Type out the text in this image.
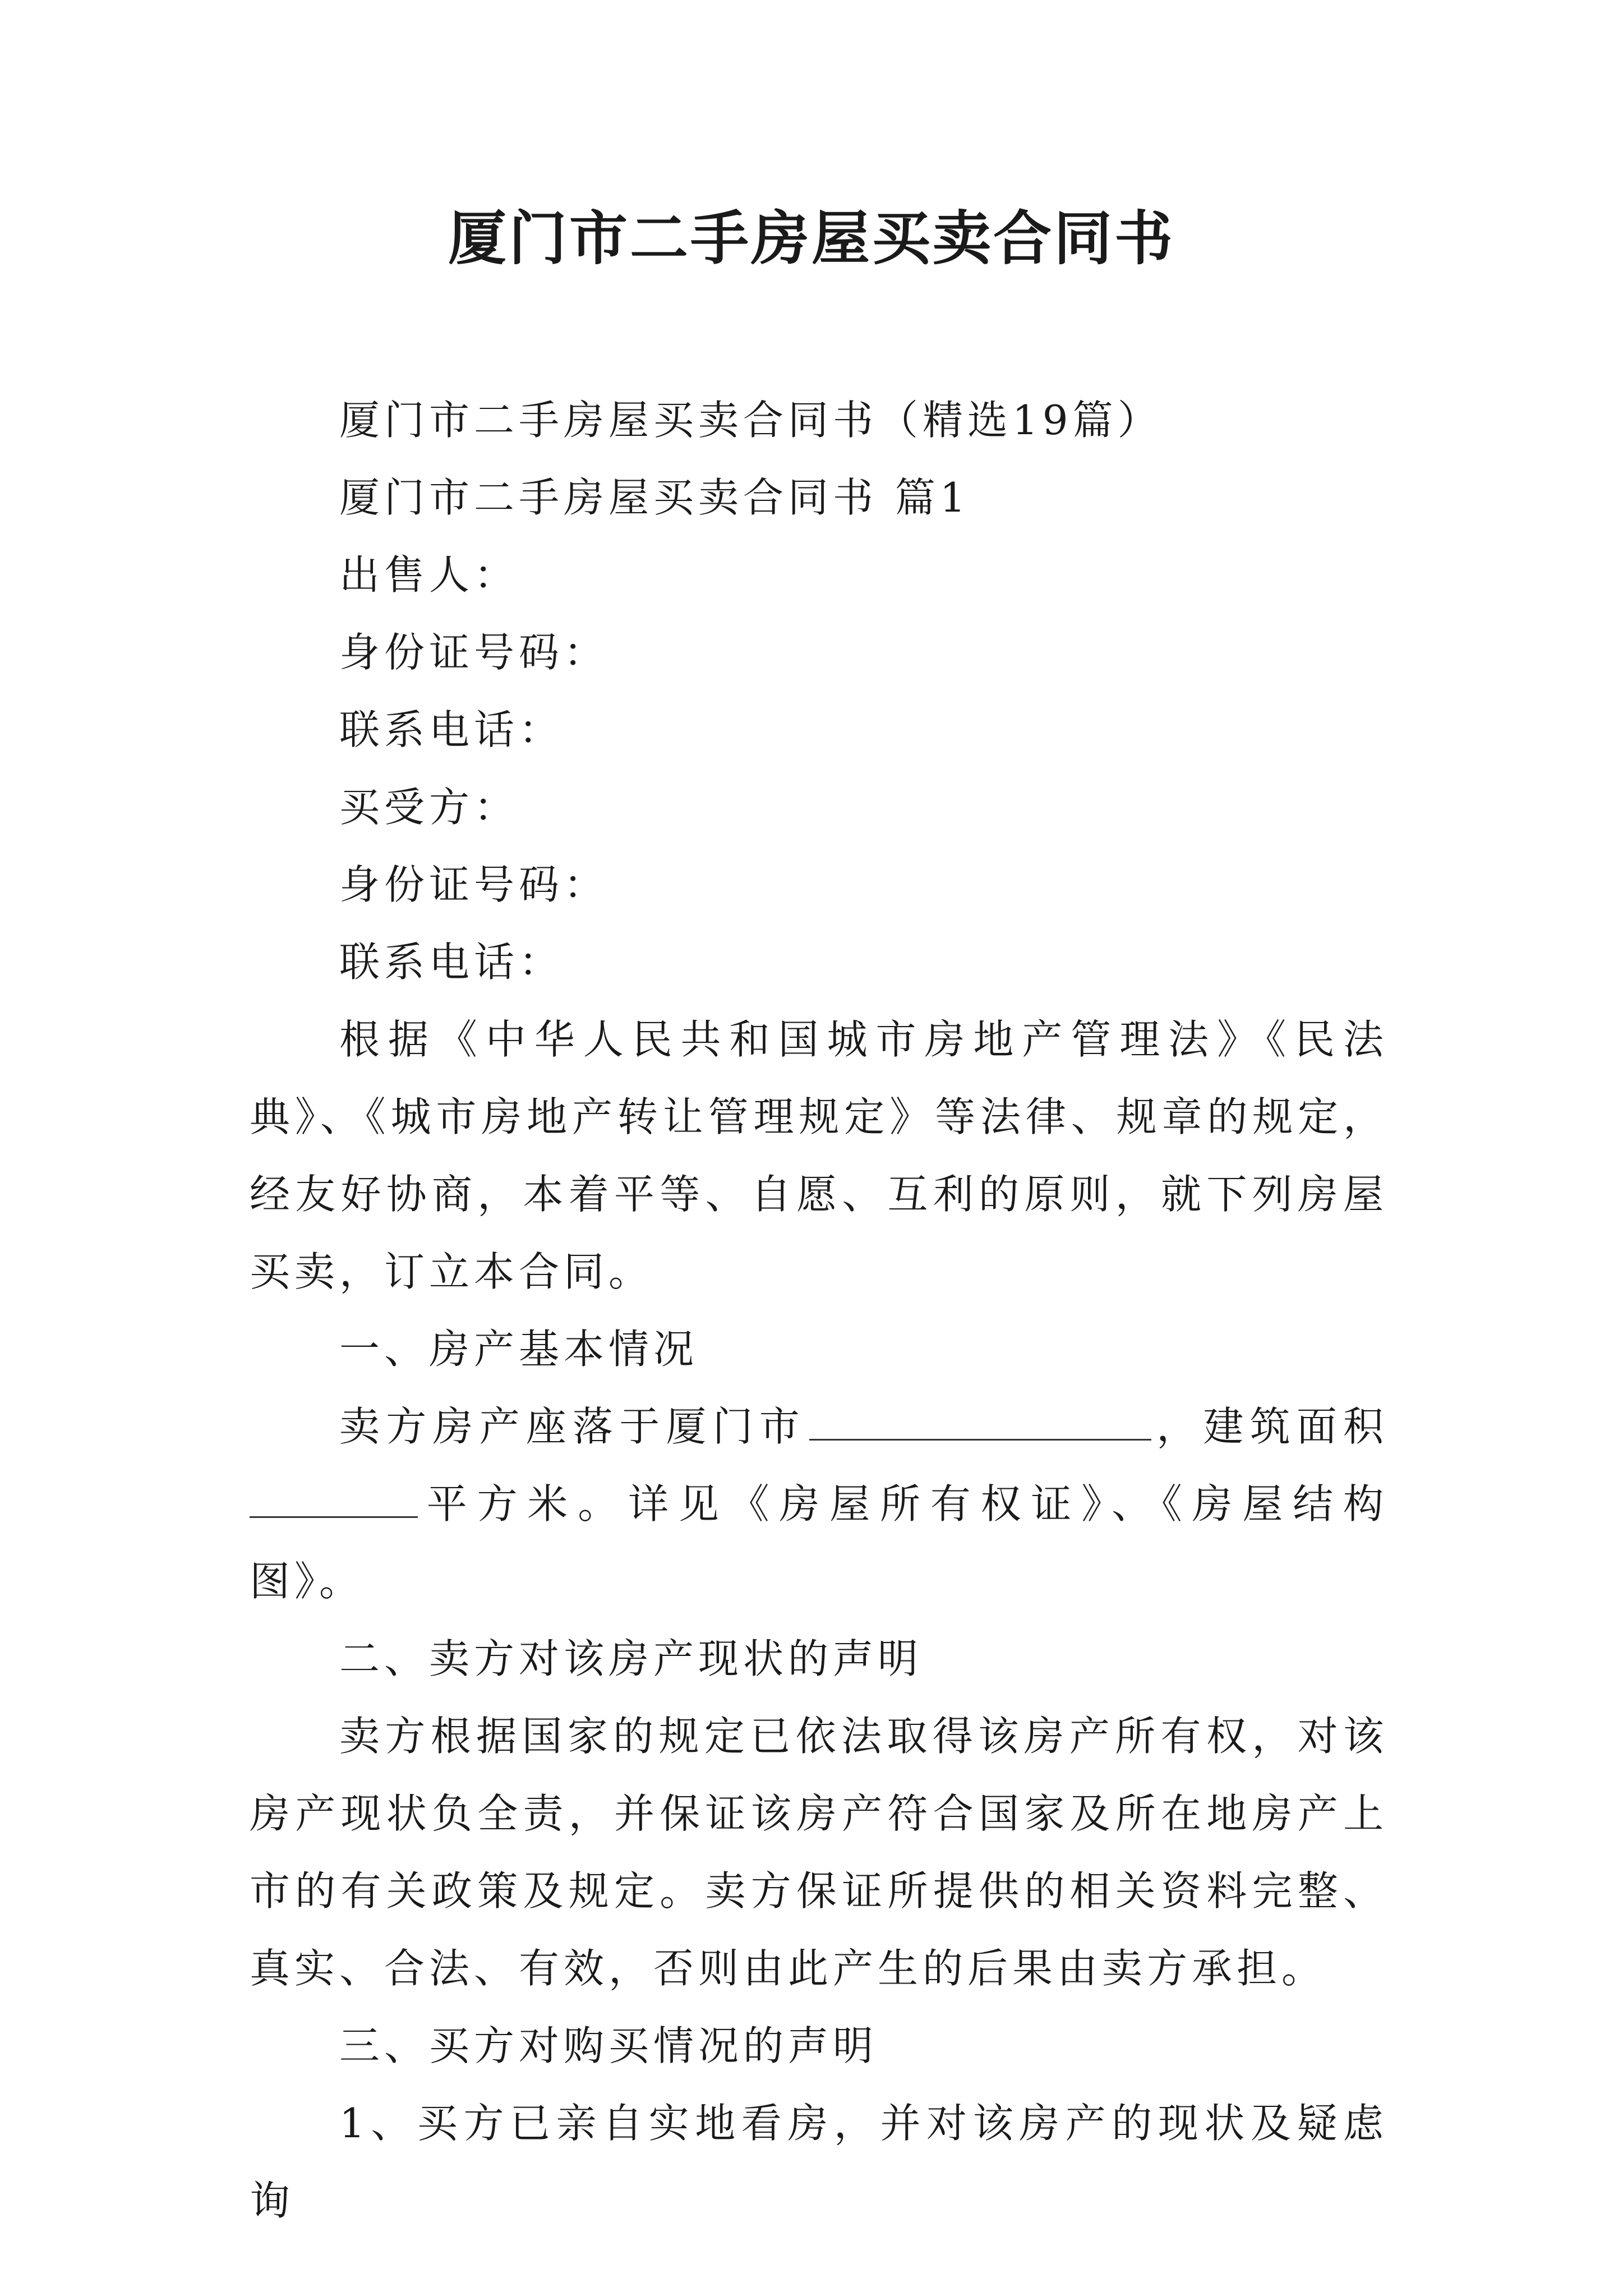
厦门市二手房屋买卖合同书

厦门市二手房屋买卖合同书（精选19篇）

厦门市二手房屋买卖合同书 篇1

出售人：

身份证号码：

联系电话：

买受方：

身份证号码：

联系电话：

根据《中华人民共和国城市房地产管理法》《民法典》、《城市房地产转让管理规定》等法律、规章的规定，经友好协商，本着平等、自愿、互利的原则，就下列房屋买卖，订立本合同。

一、房产基本情况

卖方房产座落于厦门市	，建筑面积平方米。详见《房屋所有权证》、《房屋结构图》。

二、卖方对该房产现状的声明

卖方根据国家的规定已依法取得该房产所有权，对该房产现状负全责，并保证该房产符合国家及所在地房产上市的有关政策及规定。卖方保证所提供的相关资料完整、真实、合法、有效，否则由此产生的后果由卖方承担。

三、买方对购买情况的声明

1、买方已亲自实地看房，并对该房产的现状及疑虑询
